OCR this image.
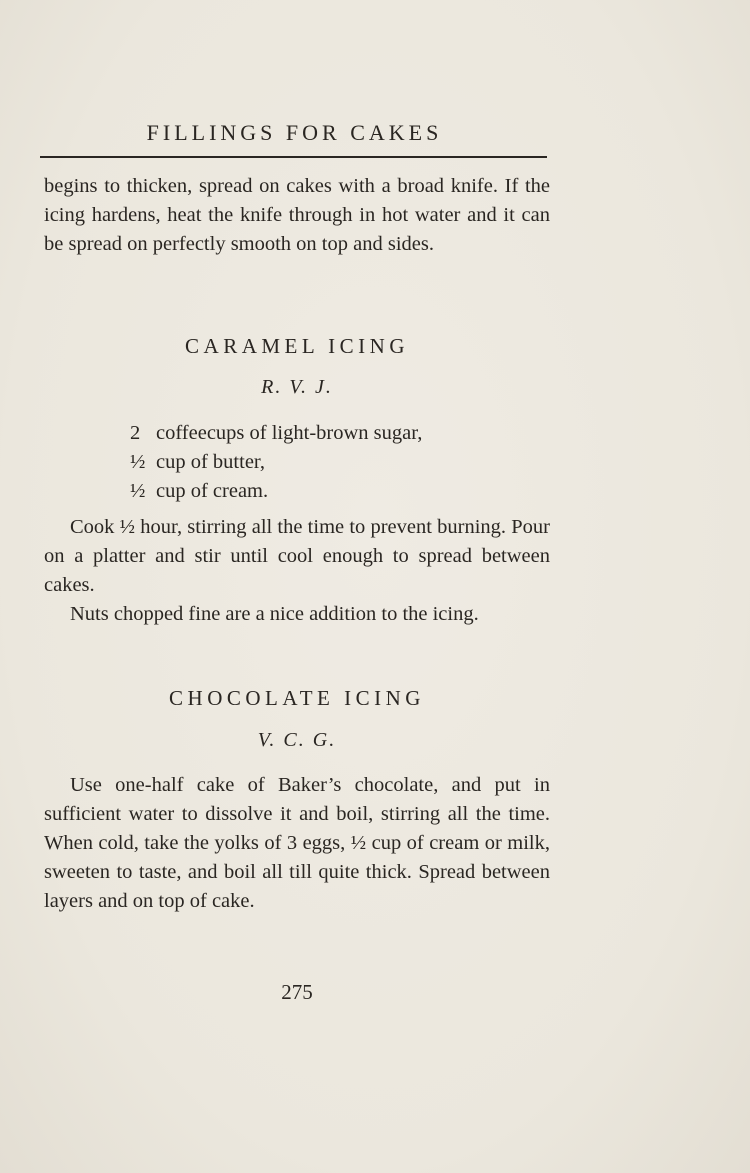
FILLINGS FOR CAKES
begins to thicken, spread on cakes with a broad knife. If the icing hardens, heat the knife through in hot water and it can be spread on perfectly smooth on top and sides.
CARAMEL ICING
R. V. J.
2 coffeecups of light-brown sugar,
½ cup of butter,
½ cup of cream.
Cook ½ hour, stirring all the time to prevent burning. Pour on a platter and stir until cool enough to spread between cakes.
Nuts chopped fine are a nice addition to the icing.
CHOCOLATE ICING
V. C. G.
Use one-half cake of Baker’s chocolate, and put in sufficient water to dissolve it and boil, stirring all the time. When cold, take the yolks of 3 eggs, ½ cup of cream or milk, sweeten to taste, and boil all till quite thick. Spread between layers and on top of cake.
275
